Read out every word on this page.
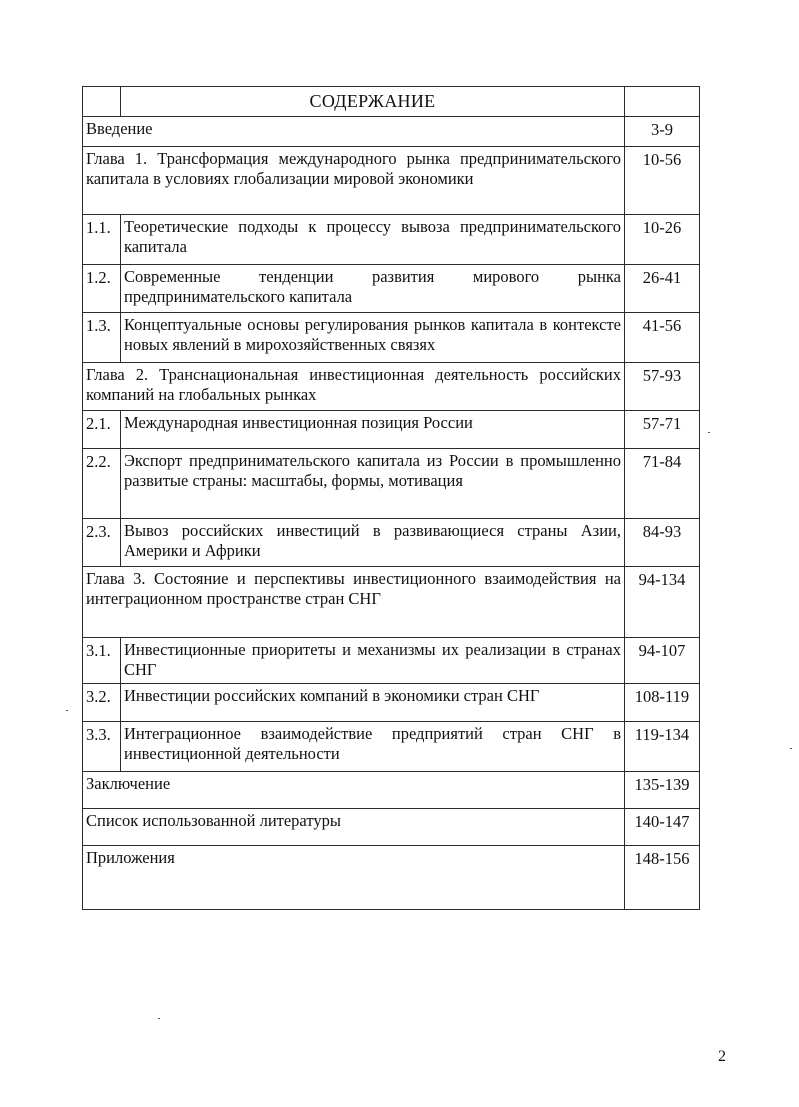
	СОДЕРЖАНИЕ	
Введение		3-9
Глава 1. Трансформация международного рынка предпринимательского капитала в условиях глобализации мировой экономики		10-56
1.1.	Теоретические подходы к процессу вывоза предпринимательского капитала	10-26
1.2.	Современные тенденции развития мирового рынка предпринимательского капитала	26-41
1.3.	Концептуальные основы регулирования рынков капитала в контексте новых явлений в мирохозяйственных связях	41-56
Глава 2. Транснациональная инвестиционная деятельность российских компаний на глобальных рынках		57-93
2.1.	Международная инвестиционная позиция России	57-71
2.2.	Экспорт предпринимательского капитала из России в промышленно развитые страны: масштабы, формы, мотивация	71-84
2.3.	Вывоз российских инвестиций в развивающиеся страны Азии, Америки и Африки	84-93
Глава 3. Состояние и перспективы инвестиционного взаимодействия на интеграционном пространстве стран СНГ		94-134
3.1.	Инвестиционные приоритеты и механизмы их реализации в странах СНГ	94-107
3.2.	Инвестиции российских компаний в экономики стран СНГ	108-119
3.3.	Интеграционное взаимодействие предприятий стран СНГ в инвестиционной деятельности	119-134
Заключение		135-139
Список использованной литературы		140-147
Приложения		148-156
2
